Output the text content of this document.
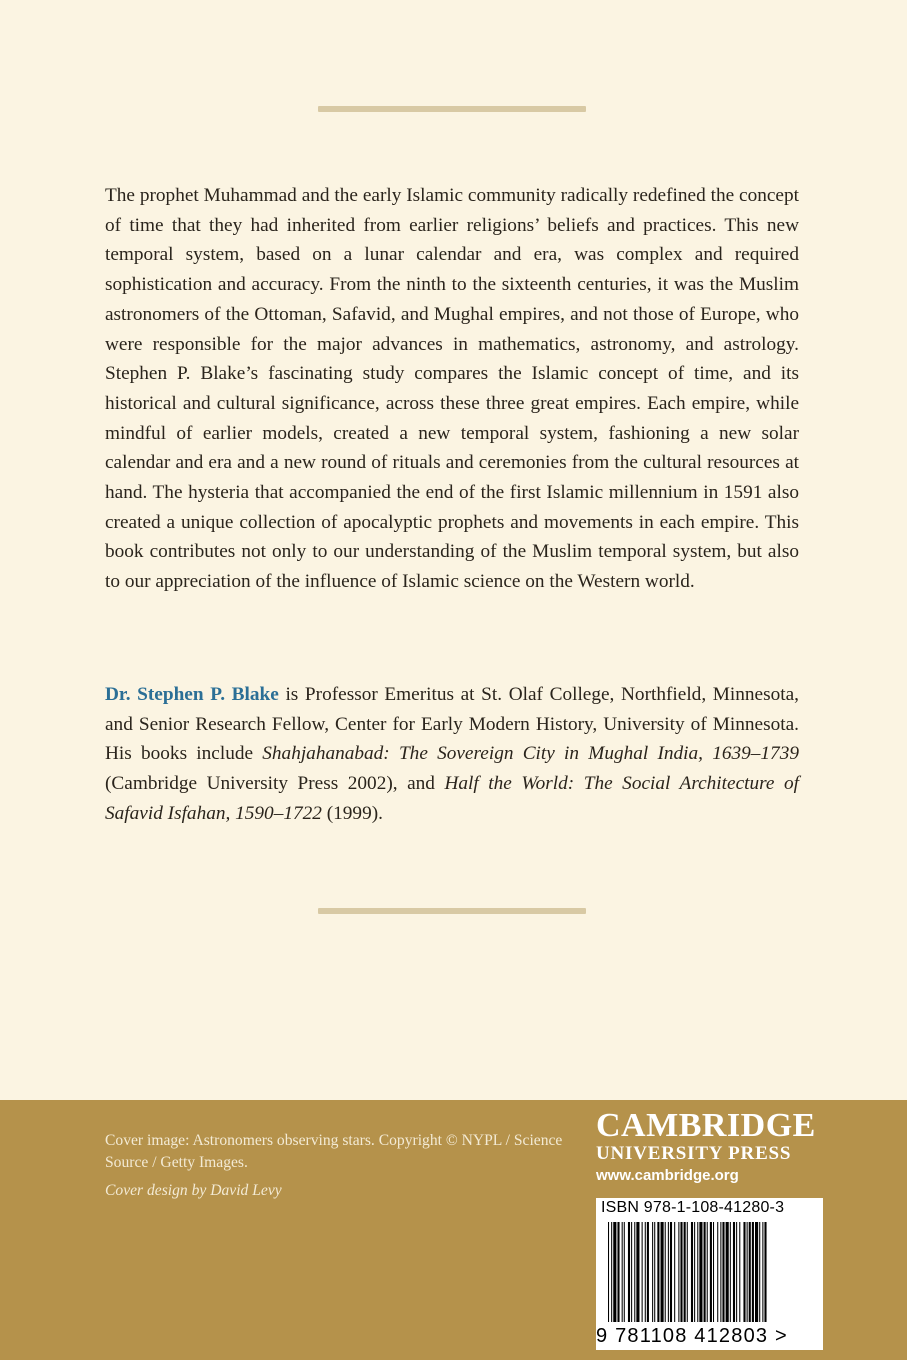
The prophet Muhammad and the early Islamic community radically redefined the concept of time that they had inherited from earlier religions’ beliefs and practices. This new temporal system, based on a lunar calendar and era, was complex and required sophistication and accuracy. From the ninth to the sixteenth centuries, it was the Muslim astronomers of the Ottoman, Safavid, and Mughal empires, and not those of Europe, who were responsible for the major advances in mathematics, astronomy, and astrology. Stephen P. Blake’s fascinating study compares the Islamic concept of time, and its historical and cultural significance, across these three great empires. Each empire, while mindful of earlier models, created a new temporal system, fashioning a new solar calendar and era and a new round of rituals and ceremonies from the cultural resources at hand. The hysteria that accompanied the end of the first Islamic millennium in 1591 also created a unique collection of apocalyptic prophets and movements in each empire. This book contributes not only to our understanding of the Muslim temporal system, but also to our appreciation of the influence of Islamic science on the Western world.

Dr. Stephen P. Blake is Professor Emeritus at St. Olaf College, Northfield, Minnesota, and Senior Research Fellow, Center for Early Modern History, University of Minnesota. His books include Shahjahanabad: The Sovereign City in Mughal India, 1639–1739 (Cambridge University Press 2002), and Half the World: The Social Architecture of Safavid Isfahan, 1590–1722 (1999).

Cover image: Astronomers observing stars. Copyright © NYPL / Science Source / Getty Images.

Cover design by David Levy

CAMBRIDGE
UNIVERSITY PRESS
www.cambridge.org
ISBN 978-1-108-41280-3
9 781108 412803 >
